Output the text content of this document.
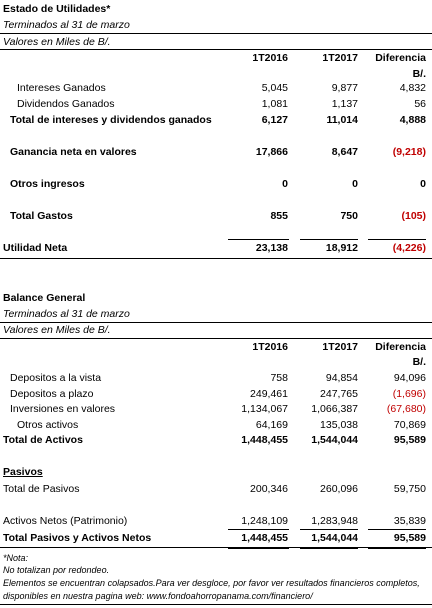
Estado de Utilidades*
Terminados al 31 de marzo
Valores en Miles de B/.
1T2016	1T2017	Diferencia
B/.
Intereses Ganados	5,045	9,877	4,832
Dividendos Ganados	1,081	1,137	56
Total de intereses y dividendos ganados	6,127	11,014	4,888
Ganancia neta en valores	17,866	8,647	(9,218)
Otros ingresos	0	0	0
Total Gastos	855	750	(105)
Utilidad Neta	23,138	18,912	(4,226)
Balance General
Terminados al 31 de marzo
Valores en Miles de B/.
1T2016	1T2017	Diferencia
B/.
Depositos a la vista	758	94,854	94,096
Depositos a plazo	249,461	247,765	(1,696)
Inversiones en valores	1,134,067	1,066,387	(67,680)
Otros activos	64,169	135,038	70,869
Total de Activos	1,448,455	1,544,044	95,589
Pasivos
Total de Pasivos	200,346	260,096	59,750
Activos Netos (Patrimonio)	1,248,109	1,283,948	35,839
Total Pasivos y Activos Netos	1,448,455	1,544,044	95,589
*Nota:
No totalizan por redondeo.
Elementos se encuentran colapsados.Para ver desgloce, por favor ver resultados financieros completos,
disponibles en nuestra pagina web: www.fondoahorropanama.com/financiero/
